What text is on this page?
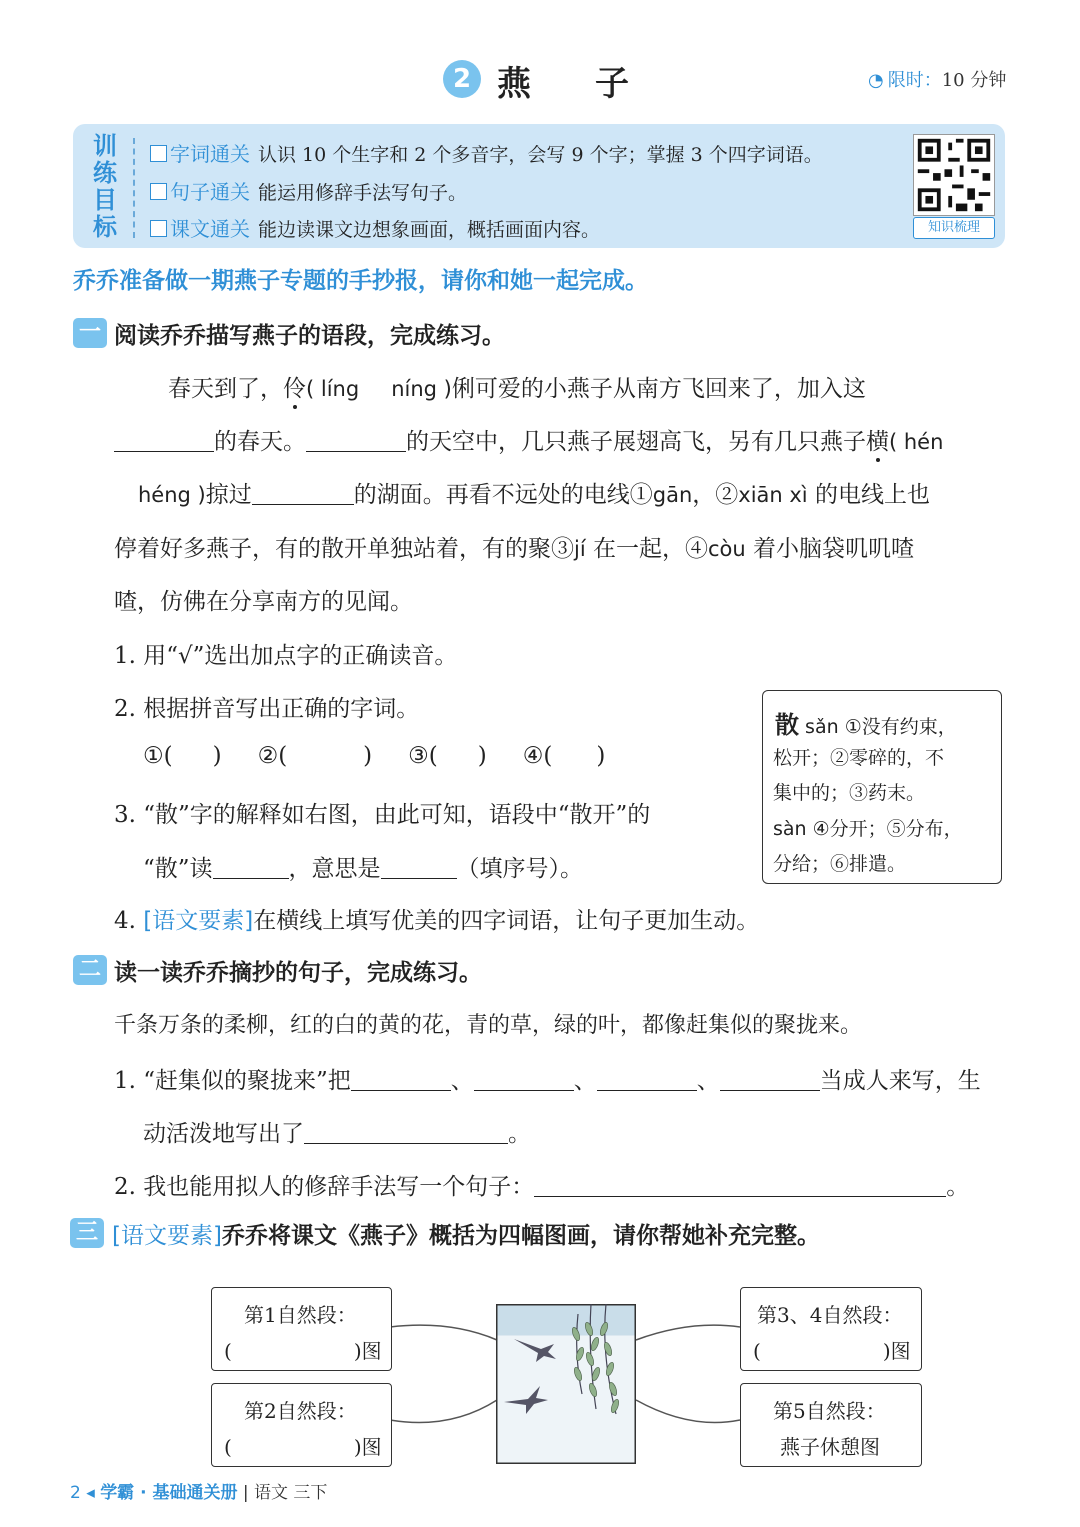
2 燕子	◔ 限时：10 分钟
训
练
目
标
字词通关 认识 10 个生字和 2 个多音字，会写 9 个字；掌握 3 个四字词语。
句子通关 能运用修辞手法写句子。
课文通关 能边读课文边想象画面，概括画面内容。	知识梳理
乔乔准备做一期燕子专题的手抄报，请你和她一起完成。
一 阅读乔乔描写燕子的语段，完成练习。
春天到了，伶( líng níng )俐可爱的小燕子从南方飞回来了，加入这
的春天。	的天空中，几只燕子展翅高飞，另有几只燕子横( hén
héng )掠过	的湖面。再看不远处的电线①gān，②xiān xì 的电线上也
停着好多燕子，有的散开单独站着，有的聚③jí 在一起，④còu 着小脑袋叽叽喳
喳，仿佛在分享南方的见闻。
1. 用“√”选出加点字的正确读音。
2. 根据拼音写出正确的字词。
①( ) ②(	) ③( ) ④( )
3. “散”字的解释如右图，由此可知，语段中“散开”的
“散”读	，意思是	（填序号）。
4. [语文要素]在横线上填写优美的四字词语，让句子更加生动。
散 sǎn ①没有约束，
松开；②零碎的，不
集中的；③药末。
sàn ④分开；⑤分布，
分给；⑥排遣。
二 读一读乔乔摘抄的句子，完成练习。
千条万条的柔柳，红的白的黄的花，青的草，绿的叶，都像赶集似的聚拢来。
1. “赶集似的聚拢来”把	、	、	、	当成人来写，生
动活泼地写出了	。
2. 我也能用拟人的修辞手法写一个句子：	。
三 [语文要素]乔乔将课文《燕子》概括为四幅图画，请你帮她补充完整。
第1自然段：
(	)图
第2自然段：
(	)图
第3、4自然段：
(	)图
第5自然段：
燕子休憩图
2 ◂ 学霸 · 基础通关册 | 语文 三下
